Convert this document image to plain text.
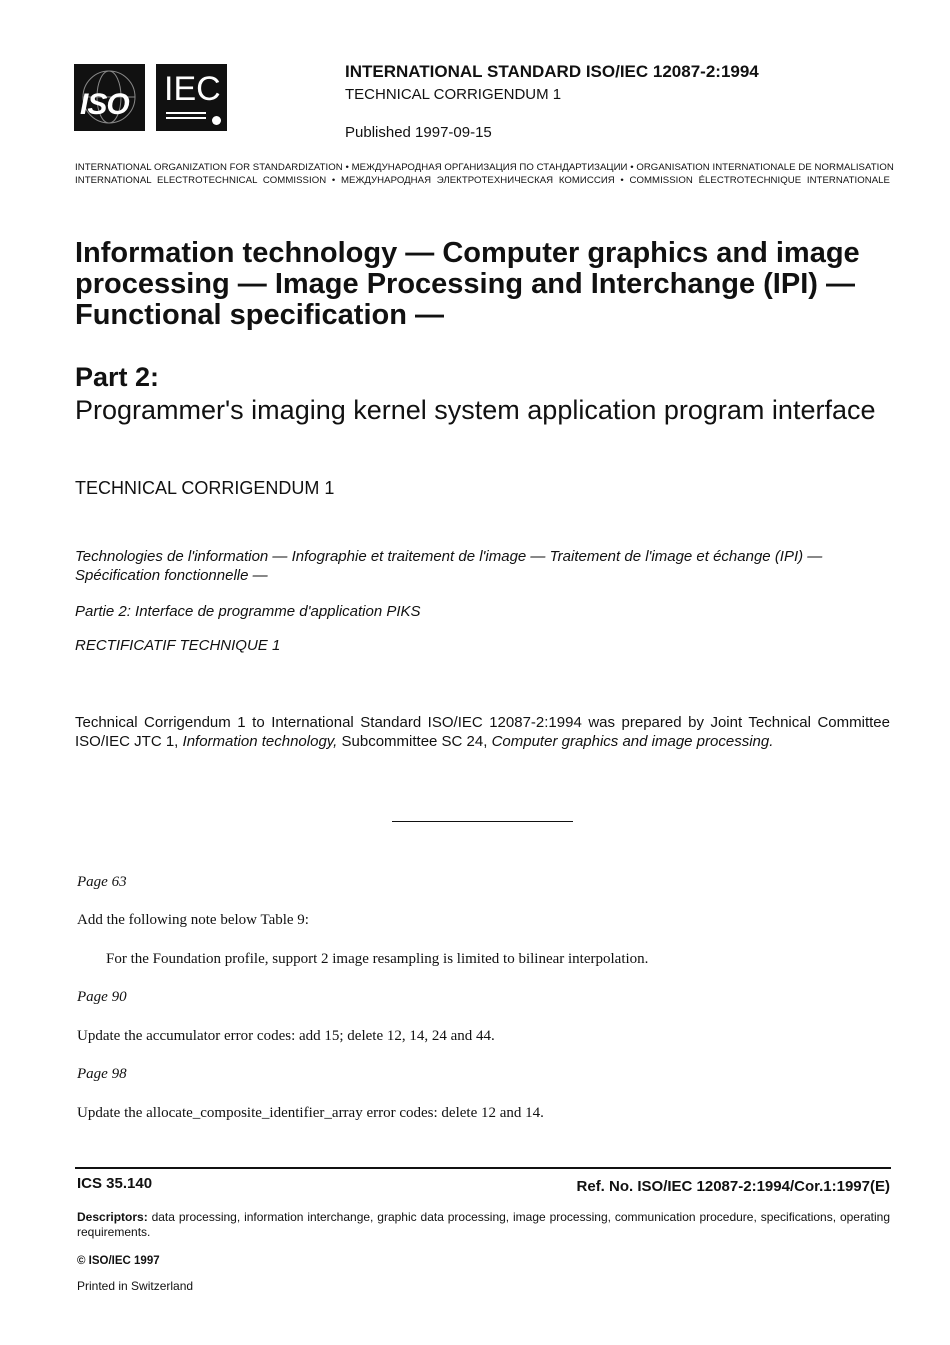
ISO IEC	INTERNATIONAL STANDARD ISO/IEC 12087-2:1994
TECHNICAL CORRIGENDUM 1
Published 1997-09-15
INTERNATIONAL ORGANIZATION FOR STANDARDIZATION • МЕЖДУНАРОДНАЯ ОРГАНИЗАЦИЯ ПО СТАНДАРТИЗАЦИИ • ORGANISATION INTERNATIONALE DE NORMALISATION
INTERNATIONAL ELECTROTECHNICAL COMMISSION • МЕЖДУНАРОДНАЯ ЭЛЕКТРОТЕХНИЧЕСКАЯ КОМИССИЯ • COMMISSION ÉLECTROTECHNIQUE INTERNATIONALE
Information technology — Computer graphics and image processing — Image Processing and Interchange (IPI) — Functional specification —
Part 2:
Programmer's imaging kernel system application program interface
TECHNICAL CORRIGENDUM 1
Technologies de l'information — Infographie et traitement de l'image — Traitement de l'image et échange (IPI) — Spécification fonctionnelle —
Partie 2: Interface de programme d'application PIKS
RECTIFICATIF TECHNIQUE 1
Technical Corrigendum 1 to International Standard ISO/IEC 12087-2:1994 was prepared by Joint Technical Committee ISO/IEC JTC 1, Information technology, Subcommittee SC 24, Computer graphics and image processing.
Page 63
Add the following note below Table 9:
For the Foundation profile, support 2 image resampling is limited to bilinear interpolation.
Page 90
Update the accumulator error codes: add 15; delete 12, 14, 24 and 44.
Page 98
Update the allocate_composite_identifier_array error codes: delete 12 and 14.
ICS 35.140	Ref. No. ISO/IEC 12087-2:1994/Cor.1:1997(E)
Descriptors: data processing, information interchange, graphic data processing, image processing, communication procedure, specifications, operating requirements.
© ISO/IEC 1997
Printed in Switzerland
